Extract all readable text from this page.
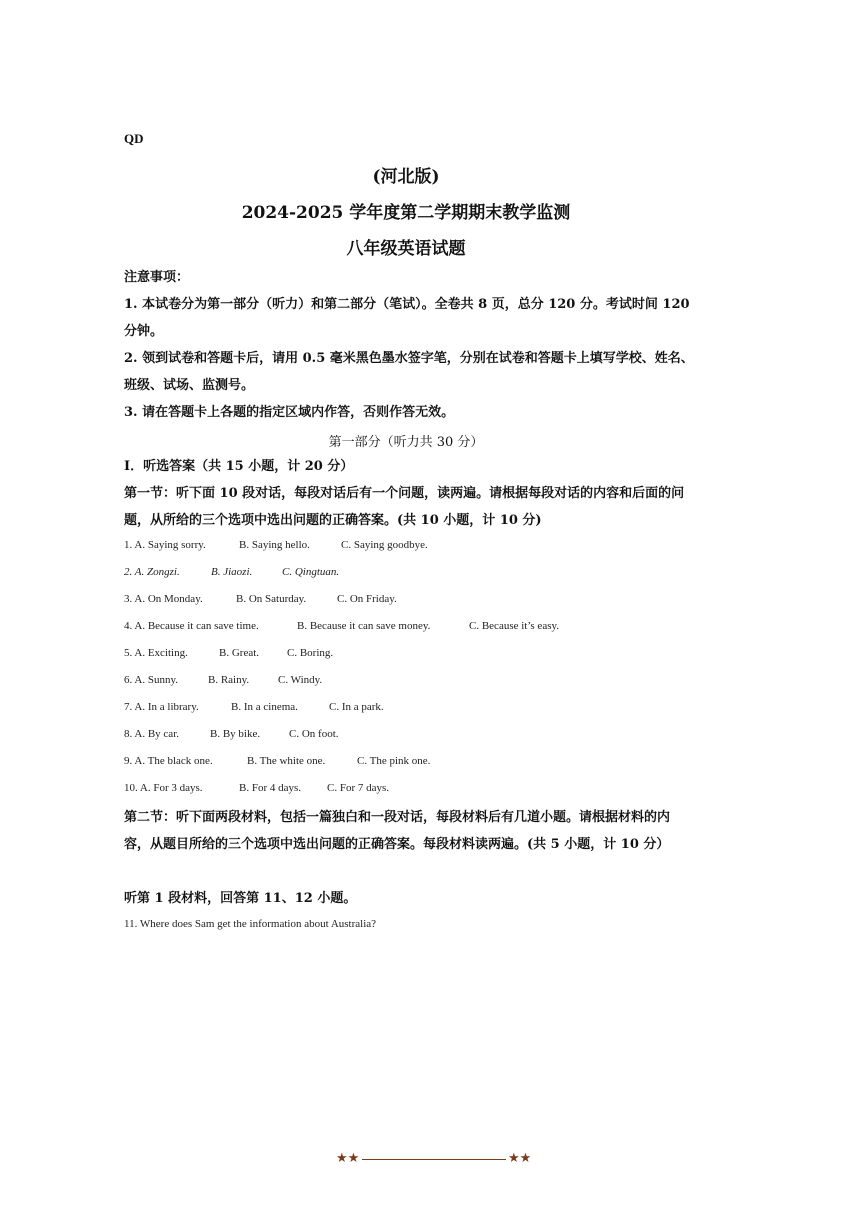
QD
(河北版)
2024-2025 学年度第二学期期末教学监测
八年级英语试题
注意事项：
1. 本试卷分为第一部分（听力）和第二部分（笔试）。全卷共 8 页，总分 120 分。考试时间 120 分钟。
2. 领到试卷和答题卡后，请用 0.5 毫米黑色墨水签字笔，分别在试卷和答题卡上填写学校、姓名、班级、试场、监测号。
3. 请在答题卡上各题的指定区域内作答，否则作答无效。
第一部分（听力共 30 分）
I．听选答案（共 15 小题，计 20 分）
第一节：听下面 10 段对话，每段对话后有一个问题，读两遍。请根据每段对话的内容和后面的问题，从所给的三个选项中选出问题的正确答案。(共 10 小题，计 10 分)
1. A. Saying sorry.	B. Saying hello.	C. Saying goodbye.
2. A. Zongzi.	B. Jiaozi.	C. Qingtuan.
3. A. On Monday.	B. On Saturday.	C. On Friday.
4. A. Because it can save time.	B. Because it can save money.	C. Because it’s easy.
5. A. Exciting.	B. Great.	C. Boring.
6. A. Sunny.	B. Rainy.	C. Windy.
7. A. In a library.	B. In a cinema.	C. In a park.
8. A. By car.	B. By bike.	C. On foot.
9. A. The black one.	B. The white one.	C. The pink one.
10. A. For 3 days.	B. For 4 days. C. For 7 days.
第二节：听下面两段材料，包括一篇独白和一段对话，每段材料后有几道小题。请根据材料的内容，从题目所给的三个选项中选出问题的正确答案。每段材料读两遍。(共 5 小题，计 10 分）
听第 1 段材料，回答第 11、12 小题。
11. Where does Sam get the information about Australia?
★★	★★
